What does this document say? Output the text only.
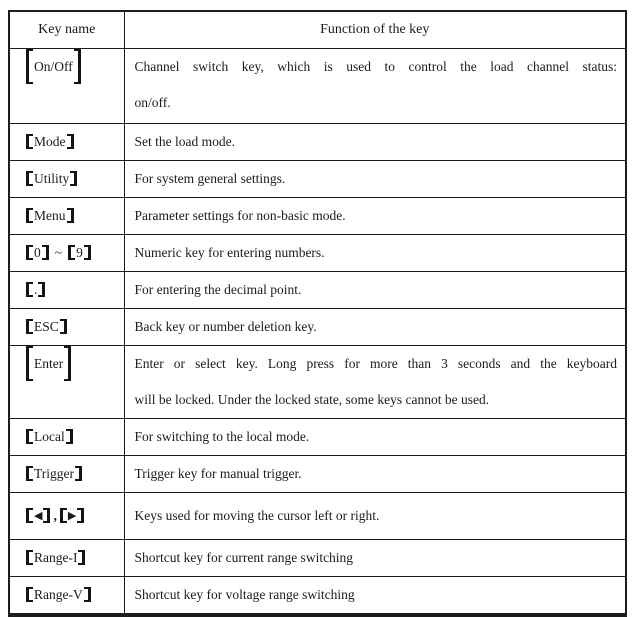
Key name	Function of the key

On/Off	Channel switch key, which is used to control the load channel status:
on/off.

Mode	Set the load mode.

Utility	For system general settings.

Menu	Parameter settings for non-basic mode.

0 ~ 9	Numeric key for entering numbers.

.	For entering the decimal point.

ESC	Back key or number deletion key.

Enter	Enter or select key. Long press for more than 3 seconds and the keyboard
will be locked. Under the locked state, some keys cannot be used.

Local	For switching to the local mode.

Trigger	Trigger key for manual trigger.

◀ , ▶	Keys used for moving the cursor left or right.

Range-I	Shortcut key for current range switching

Range-V	Shortcut key for voltage range switching
